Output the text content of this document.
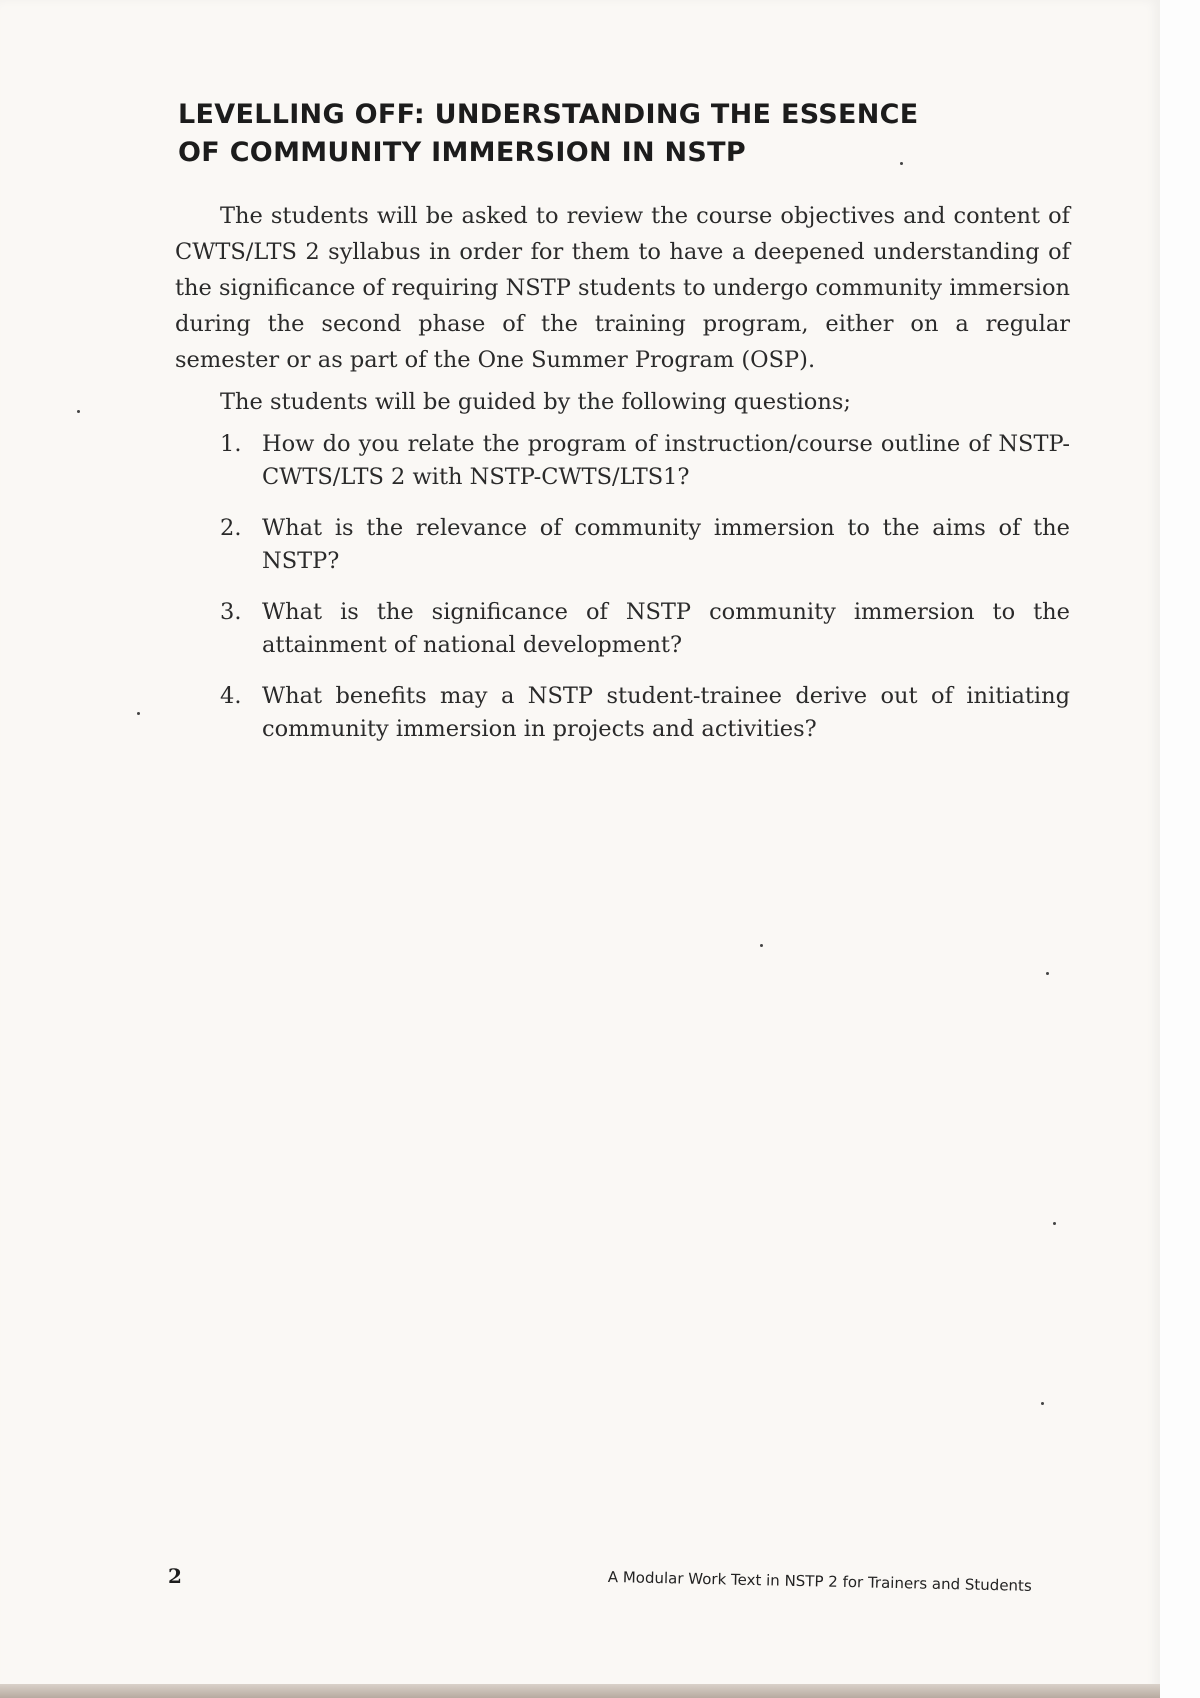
LEVELLING OFF: UNDERSTANDING THE ESSENCE
OF COMMUNITY IMMERSION IN NSTP

The students will be asked to review the course objectives and content of CWTS/LTS 2 syllabus in order for them to have a deepened understanding of the significance of requiring NSTP students to undergo community immersion during the second phase of the training program, either on a regular semester or as part of the One Summer Program (OSP).

The students will be guided by the following questions;

1. How do you relate the program of instruction/course outline of NSTP-CWTS/LTS 2 with NSTP-CWTS/LTS1?
2. What is the relevance of community immersion to the aims of the NSTP?
3. What is the significance of NSTP community immersion to the attainment of national development?
4. What benefits may a NSTP student-trainee derive out of initiating community immersion in projects and activities?
2	A Modular Work Text in NSTP 2 for Trainers and Students
